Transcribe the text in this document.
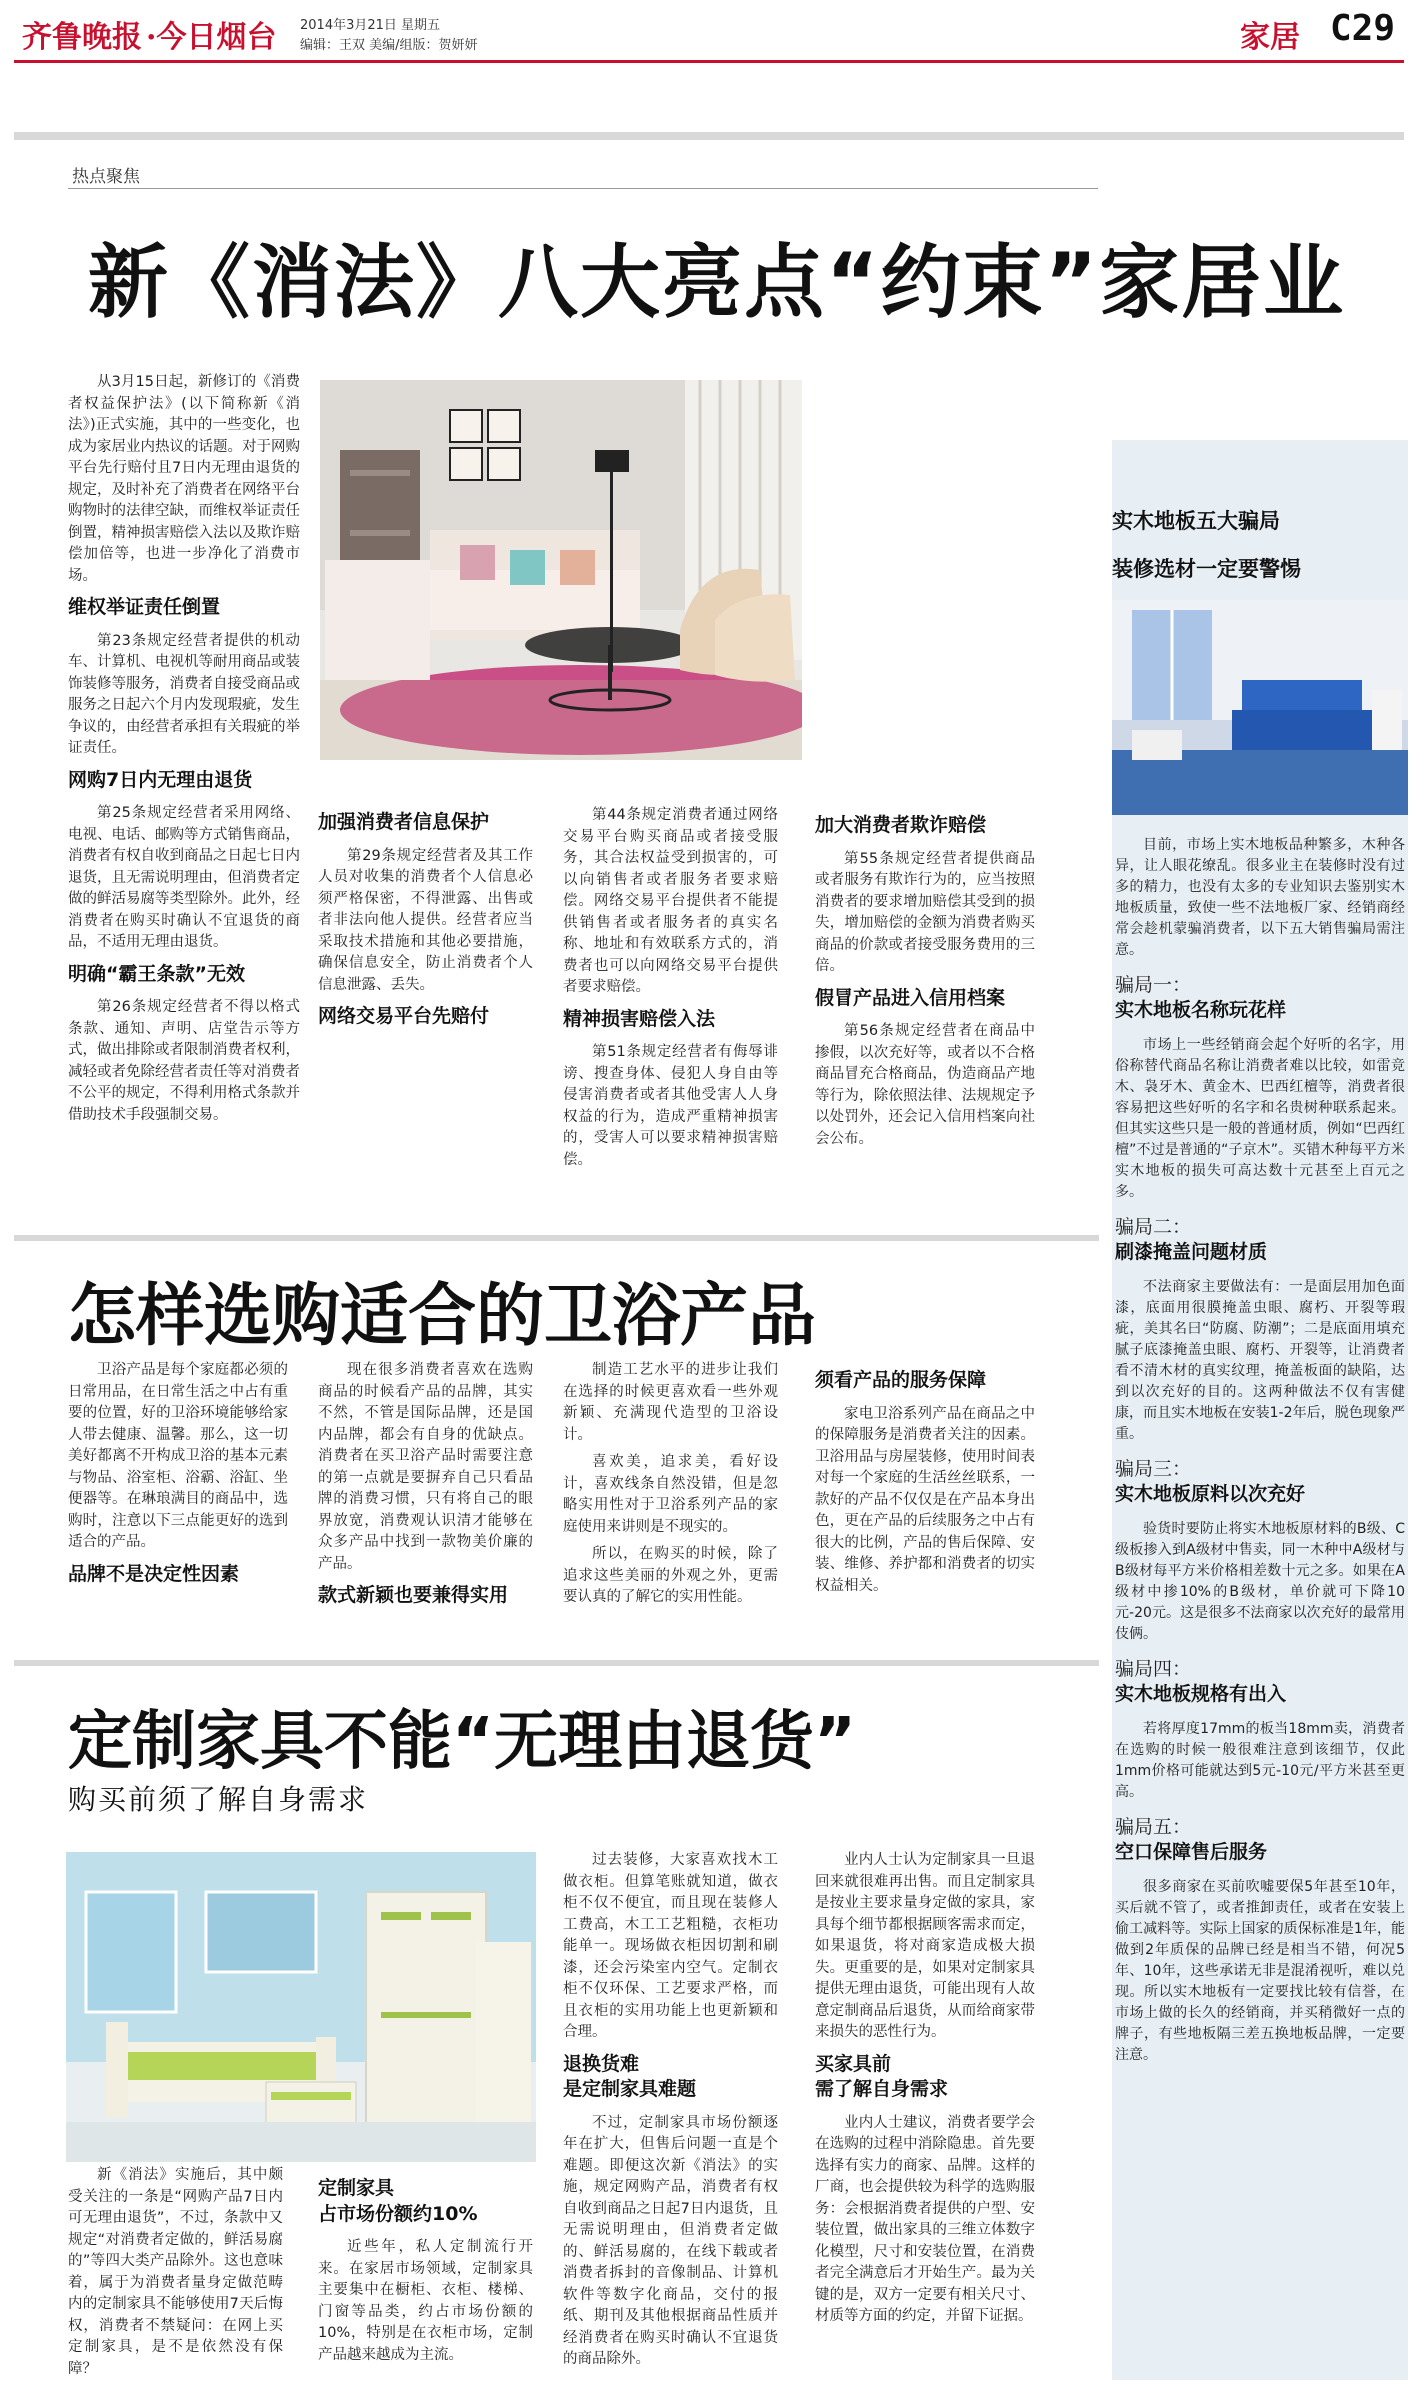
齐鲁晚报 ·今日烟台 2014年3月21日 星期五
编辑：王双 美编/组版：贺妍妍	家居 C29
热点聚焦
新《消法》八大亮点“约束”家居业

从3月15日起，新修订的《消费者权益保护法》(以下简称新《消法》)正式实施，其中的一些变化，也成为家居业内热议的话题。对于网购平台先行赔付且7日内无理由退货的规定，及时补充了消费者在网络平台购物时的法律空缺，而维权举证责任倒置，精神损害赔偿入法以及欺诈赔偿加倍等，也进一步净化了消费市场。

维权举证责任倒置

第23条规定经营者提供的机动车、计算机、电视机等耐用商品或装饰装修等服务，消费者自接受商品或服务之日起六个月内发现瑕疵，发生争议的，由经营者承担有关瑕疵的举证责任。

网购7日内无理由退货

第25条规定经营者采用网络、电视、电话、邮购等方式销售商品，消费者有权自收到商品之日起七日内退货，且无需说明理由，但消费者定做的鲜活易腐等类型除外。此外，经消费者在购买时确认不宜退货的商品，不适用无理由退货。

明确“霸王条款”无效

第26条规定经营者不得以格式条款、通知、声明、店堂告示等方式，做出排除或者限制消费者权利，减轻或者免除经营者责任等对消费者不公平的规定，不得利用格式条款并借助技术手段强制交易。

加强消费者信息保护

第29条规定经营者及其工作人员对收集的消费者个人信息必须严格保密，不得泄露、出售或者非法向他人提供。经营者应当采取技术措施和其他必要措施，确保信息安全，防止消费者个人信息泄露、丢失。

网络交易平台先赔付

第44条规定消费者通过网络交易平台购买商品或者接受服务，其合法权益受到损害的，可以向销售者或者服务者要求赔偿。网络交易平台提供者不能提供销售者或者服务者的真实名称、地址和有效联系方式的，消费者也可以向网络交易平台提供者要求赔偿。

精神损害赔偿入法

第51条规定经营者有侮辱诽谤、搜查身体、侵犯人身自由等侵害消费者或者其他受害人人身权益的行为，造成严重精神损害的，受害人可以要求精神损害赔偿。

加大消费者欺诈赔偿

第55条规定经营者提供商品或者服务有欺诈行为的，应当按照消费者的要求增加赔偿其受到的损失，增加赔偿的金额为消费者购买商品的价款或者接受服务费用的三倍。

假冒产品进入信用档案

第56条规定经营者在商品中掺假，以次充好等，或者以不合格商品冒充合格商品，伪造商品产地等行为，除依照法律、法规规定予以处罚外，还会记入信用档案向社会公布。

怎样选购适合的卫浴产品

卫浴产品是每个家庭都必须的日常用品，在日常生活之中占有重要的位置，好的卫浴环境能够给家人带去健康、温馨。那么，这一切美好都离不开构成卫浴的基本元素与物品、浴室柜、浴霸、浴缸、坐便器等。在琳琅满目的商品中，选购时，注意以下三点能更好的选到适合的产品。

品牌不是决定性因素

现在很多消费者喜欢在选购商品的时候看产品的品牌，其实不然，不管是国际品牌，还是国内品牌，都会有自身的优缺点。消费者在买卫浴产品时需要注意的第一点就是要摒弃自己只看品牌的消费习惯，只有将自己的眼界放宽，消费观认识清才能够在众多产品中找到一款物美价廉的产品。

款式新颖也要兼得实用

制造工艺水平的进步让我们在选择的时候更喜欢看一些外观新颖、充满现代造型的卫浴设计。

喜欢美，追求美，看好设计，喜欢线条自然没错，但是忽略实用性对于卫浴系列产品的家庭使用来讲则是不现实的。

所以，在购买的时候，除了追求这些美丽的外观之外，更需要认真的了解它的实用性能。

须看产品的服务保障

家电卫浴系列产品在商品之中的保障服务是消费者关注的因素。卫浴用品与房屋装修，使用时间表对每一个家庭的生活丝丝联系，一款好的产品不仅仅是在产品本身出色，更在产品的后续服务之中占有很大的比例，产品的售后保障、安装、维修、养护都和消费者的切实权益相关。

定制家具不能“无理由退货”
购买前须了解自身需求

新《消法》实施后，其中颇受关注的一条是“网购产品7日内可无理由退货”，不过，条款中又规定“对消费者定做的，鲜活易腐的”等四大类产品除外。这也意味着，属于为消费者量身定做范畴内的定制家具不能够使用7天后悔权，消费者不禁疑问：在网上买定制家具，是不是依然没有保障？

定制家具
占市场份额约10%

近些年，私人定制流行开来。在家居市场领域，定制家具主要集中在橱柜、衣柜、楼梯、门窗等品类，约占市场份额的10%，特别是在衣柜市场，定制产品越来越成为主流。

过去装修，大家喜欢找木工做衣柜。但算笔账就知道，做衣柜不仅不便宜，而且现在装修人工费高，木工工艺粗糙，衣柜功能单一。现场做衣柜因切割和刷漆，还会污染室内空气。定制衣柜不仅环保、工艺要求严格，而且衣柜的实用功能上也更新颖和合理。

退换货难
是定制家具难题

不过，定制家具市场份额逐年在扩大，但售后问题一直是个难题。即便这次新《消法》的实施，规定网购产品，消费者有权自收到商品之日起7日内退货，且无需说明理由，但消费者定做的、鲜活易腐的，在线下载或者消费者拆封的音像制品、计算机软件等数字化商品，交付的报纸、期刊及其他根据商品性质并经消费者在购买时确认不宜退货的商品除外。

业内人士认为定制家具一旦退回来就很难再出售。而且定制家具是按业主要求量身定做的家具，家具每个细节都根据顾客需求而定，如果退货，将对商家造成极大损失。更重要的是，如果对定制家具提供无理由退货，可能出现有人故意定制商品后退货，从而给商家带来损失的恶性行为。

买家具前
需了解自身需求

业内人士建议，消费者要学会在选购的过程中消除隐患。首先要选择有实力的商家、品牌。这样的厂商，也会提供较为科学的选购服务：会根据消费者提供的户型、安装位置，做出家具的三维立体数字化模型，尺寸和安装位置，在消费者完全满意后才开始生产。最为关键的是，双方一定要有相关尺寸、材质等方面的约定，并留下证据。

实木地板五大骗局
装修选材一定要警惕

目前，市场上实木地板品种繁多，木种各异，让人眼花缭乱。很多业主在装修时没有过多的精力，也没有太多的专业知识去鉴别实木地板质量，致使一些不法地板厂家、经销商经常会趁机蒙骗消费者，以下五大销售骗局需注意。

骗局一：
实木地板名称玩花样

市场上一些经销商会起个好听的名字，用俗称替代商品名称让消费者难以比较，如雷竞木、袅牙木、黄金木、巴西红檀等，消费者很容易把这些好听的名字和名贵树种联系起来。但其实这些只是一般的普通材质，例如“巴西红檀”不过是普通的“子京木”。买错木种每平方米实木地板的损失可高达数十元甚至上百元之多。

骗局二：
刷漆掩盖问题材质

不法商家主要做法有：一是面层用加色面漆，底面用很膜掩盖虫眼、腐朽、开裂等瑕疵，美其名曰“防腐、防潮”；二是底面用填充腻子底漆掩盖虫眼、腐朽、开裂等，让消费者看不清木材的真实纹理，掩盖板面的缺陷，达到以次充好的目的。这两种做法不仅有害健康，而且实木地板在安装1-2年后，脱色现象严重。

骗局三：
实木地板原料以次充好

验货时要防止将实木地板原材料的B级、C级板掺入到A级材中售卖，同一木种中A级材与B级材每平方米价格相差数十元之多。如果在A级材中掺10%的B级材，单价就可下降10元-20元。这是很多不法商家以次充好的最常用伎俩。

骗局四：
实木地板规格有出入

若将厚度17mm的板当18mm卖，消费者在选购的时候一般很难注意到该细节，仅此1mm价格可能就达到5元-10元/平方米甚至更高。

骗局五：
空口保障售后服务

很多商家在买前吹嘘要保5年甚至10年，买后就不管了，或者推卸责任，或者在安装上偷工减料等。实际上国家的质保标准是1年，能做到2年质保的品牌已经是相当不错，何况5年、10年，这些承诺无非是混淆视听，难以兑现。所以实木地板有一定要找比较有信誉，在市场上做的长久的经销商，并买稍微好一点的牌子，有些地板隔三差五换地板品牌，一定要注意。
